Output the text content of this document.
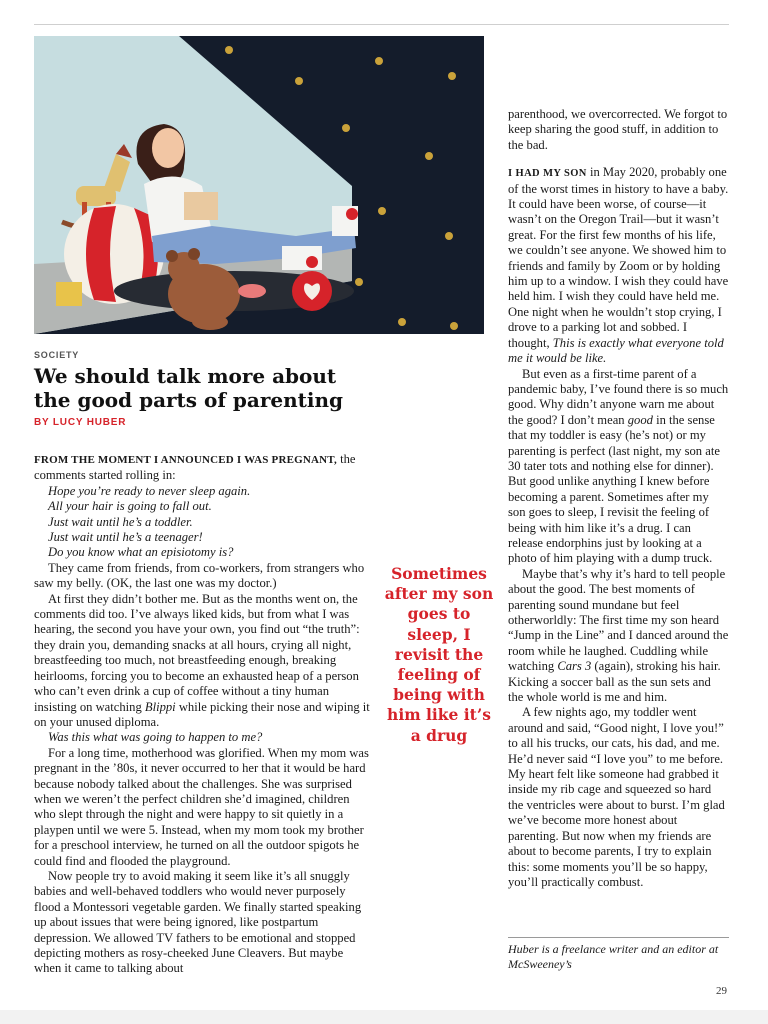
SOCIETY
We should talk more about the good parts of parenting
BY LUCY HUBER

FROM THE MOMENT I ANNOUNCED I WAS PREGNANT, the comments started rolling in:

Hope you’re ready to never sleep again.

All your hair is going to fall out.

Just wait until he’s a toddler.

Just wait until he’s a teenager!

Do you know what an episiotomy is?

They came from friends, from co-workers, from strangers who saw my belly. (OK, the last one was my doctor.)

At first they didn’t bother me. But as the months went on, the comments did too. I’ve always liked kids, but from what I was hearing, the second you have your own, you find out “the truth”: they drain you, demanding snacks at all hours, crying all night, breastfeeding too much, not breastfeeding enough, breaking heirlooms, forcing you to become an exhausted heap of a person who can’t even drink a cup of coffee without a tiny human insisting on watching Blippi while picking their nose and wiping it on your unused diploma.

Was this what was going to happen to me?

For a long time, motherhood was glorified. When my mom was pregnant in the ’80s, it never occurred to her that it would be hard because nobody talked about the challenges. She was surprised when we weren’t the perfect children she’d imagined, children who slept through the night and were happy to sit quietly in a playpen until we were 5. Instead, when my mom took my brother for a preschool interview, he turned on all the outdoor spigots he could find and flooded the playground.

Now people try to avoid making it seem like it’s all snuggly babies and well-behaved toddlers who would never purposely flood a Montessori vegetable garden. We finally started speaking up about issues that were being ignored, like postpartum depression. We allowed TV fathers to be emotional and stopped depicting mothers as rosy-cheeked June Cleavers. But maybe when it came to talking about

Sometimes after my son goes to sleep, I revisit the feeling of being with him like it’s a drug

parenthood, we overcorrected. We forgot to keep sharing the good stuff, in addition to the bad.

I HAD MY SON in May 2020, probably one of the worst times in history to have a baby. It could have been worse, of course—it wasn’t on the Oregon Trail—but it wasn’t great. For the first few months of his life, we couldn’t see anyone. We showed him to friends and family by Zoom or by holding him up to a window. I wish they could have held him. I wish they could have held me. One night when he wouldn’t stop crying, I drove to a parking lot and sobbed. I thought, This is exactly what everyone told me it would be like.

But even as a first-time parent of a pandemic baby, I’ve found there is so much good. Why didn’t anyone warn me about the good? I don’t mean good in the sense that my toddler is easy (he’s not) or my parenting is perfect (last night, my son ate 30 tater tots and nothing else for dinner). But good unlike anything I knew before becoming a parent. Sometimes after my son goes to sleep, I revisit the feeling of being with him like it’s a drug. I can release endorphins just by looking at a photo of him playing with a dump truck.

Maybe that’s why it’s hard to tell people about the good. The best moments of parenting sound mundane but feel otherworldly: The first time my son heard “Jump in the Line” and I danced around the room while he laughed. Cuddling while watching Cars 3 (again), stroking his hair. Kicking a soccer ball as the sun sets and the whole world is me and him.

A few nights ago, my toddler went around and said, “Good night, I love you!” to all his trucks, our cats, his dad, and me. He’d never said “I love you” to me before. My heart felt like someone had grabbed it inside my rib cage and squeezed so hard the ventricles were about to burst. I’m glad we’ve become more honest about parenting. But now when my friends are about to become parents, I try to explain this: some moments you’ll be so happy, you’ll practically combust.

Huber is a freelance writer and an editor at McSweeney’s
29
